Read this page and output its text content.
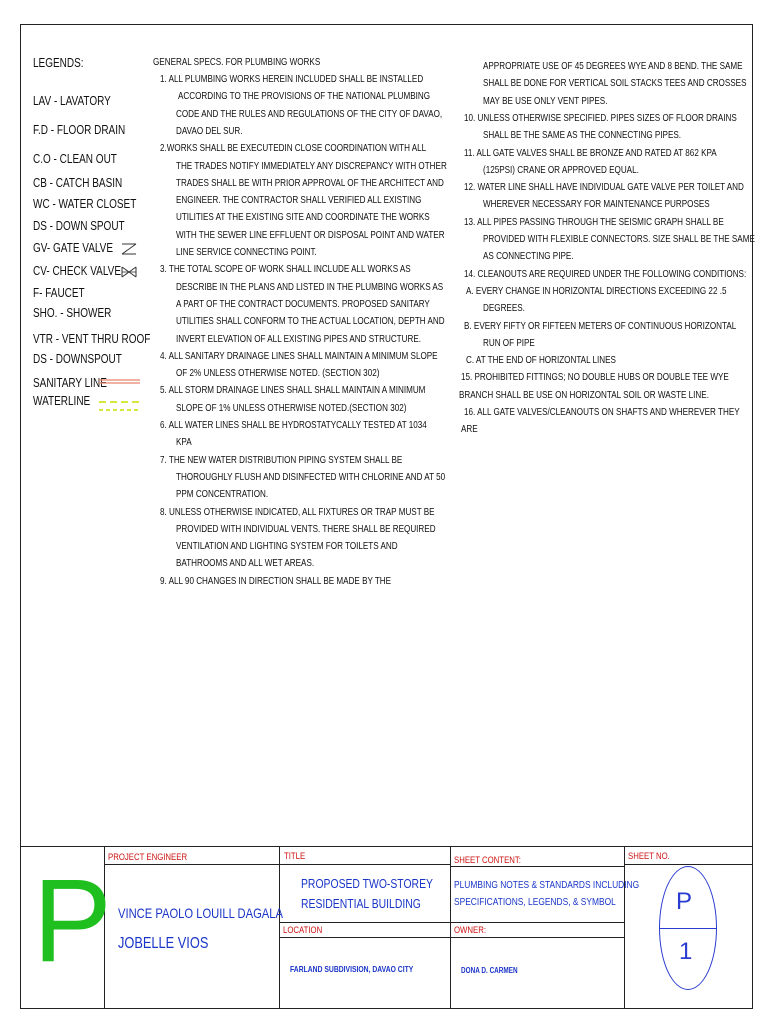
LEGENDS:
LAV - LAVATORY
F.D - FLOOR DRAIN
C.O - CLEAN OUT
CB - CATCH BASIN
WC - WATER CLOSET
DS - DOWN SPOUT
GV- GATE VALVE
CV- CHECK VALVE
F- FAUCET
SHO. - SHOWER
VTR - VENT THRU ROOF
DS - DOWNSPOUT
SANITARY LINE
WATERLINE
GENERAL SPECS. FOR PLUMBING WORKS
1. ALL PLUMBING WORKS HEREIN INCLUDED SHALL BE INSTALLED
ACCORDING TO THE PROVISIONS OF THE NATIONAL PLUMBING
CODE AND THE RULES AND REGULATIONS OF THE CITY OF DAVAO,
DAVAO DEL SUR.
2.WORKS SHALL BE EXECUTEDIN CLOSE COORDINATION WITH ALL
THE TRADES NOTIFY IMMEDIATELY ANY DISCREPANCY WITH OTHER
TRADES SHALL BE WITH PRIOR APPROVAL OF THE ARCHITECT AND
ENGINEER. THE CONTRACTOR SHALL VERIFIED ALL EXISTING
UTILITIES AT THE EXISTING SITE AND COORDINATE THE WORKS
WITH THE SEWER LINE EFFLUENT OR DISPOSAL POINT AND WATER
LINE SERVICE CONNECTING POINT.
3. THE TOTAL SCOPE OF WORK SHALL INCLUDE ALL WORKS AS
DESCRIBE IN THE PLANS AND LISTED IN THE PLUMBING WORKS AS
A PART OF THE CONTRACT DOCUMENTS. PROPOSED SANITARY
UTILITIES SHALL CONFORM TO THE ACTUAL LOCATION, DEPTH AND
INVERT ELEVATION OF ALL EXISTING PIPES AND STRUCTURE.
4. ALL SANITARY DRAINAGE LINES SHALL MAINTAIN A MINIMUM SLOPE
OF 2% UNLESS OTHERWISE NOTED. (SECTION 302)
5. ALL STORM DRAINAGE LINES SHALL SHALL MAINTAIN A MINIMUM
SLOPE OF 1% UNLESS OTHERWISE NOTED.(SECTION 302)
6. ALL WATER LINES SHALL BE HYDROSTATYCALLY TESTED AT 1034
KPA
7. THE NEW WATER DISTRIBUTION PIPING SYSTEM SHALL BE
THOROUGHLY FLUSH AND DISINFECTED WITH CHLORINE AND AT 50
PPM CONCENTRATION.
8. UNLESS OTHERWISE INDICATED, ALL FIXTURES OR TRAP MUST BE
PROVIDED WITH INDIVIDUAL VENTS. THERE SHALL BE REQUIRED
VENTILATION AND LIGHTING SYSTEM FOR TOILETS AND
BATHROOMS AND ALL WET AREAS.
9. ALL 90 CHANGES IN DIRECTION SHALL BE MADE BY THE
APPROPRIATE USE OF 45 DEGREES WYE AND 8 BEND. THE SAME
SHALL BE DONE FOR VERTICAL SOIL STACKS TEES AND CROSSES
MAY BE USE ONLY VENT PIPES.
10. UNLESS OTHERWISE SPECIFIED. PIPES SIZES OF FLOOR DRAINS
SHALL BE THE SAME AS THE CONNECTING PIPES.
11. ALL GATE VALVES SHALL BE BRONZE AND RATED AT 862 KPA
(125PSI) CRANE OR APPROVED EQUAL.
12. WATER LINE SHALL HAVE INDIVIDUAL GATE VALVE PER TOILET AND
WHEREVER NECESSARY FOR MAINTENANCE PURPOSES
13. ALL PIPES PASSING THROUGH THE SEISMIC GRAPH SHALL BE
PROVIDED WITH FLEXIBLE CONNECTORS. SIZE SHALL BE THE SAME
AS CONNECTING PIPE.
14. CLEANOUTS ARE REQUIRED UNDER THE FOLLOWING CONDITIONS:
A. EVERY CHANGE IN HORIZONTAL DIRECTIONS EXCEEDING 22 .5
DEGREES.
B. EVERY FIFTY OR FIFTEEN METERS OF CONTINUOUS HORIZONTAL
RUN OF PIPE
C. AT THE END OF HORIZONTAL LINES
15. PROHIBITED FITTINGS; NO DOUBLE HUBS OR DOUBLE TEE WYE
BRANCH SHALL BE USE ON HORIZONTAL SOIL OR WASTE LINE.
16. ALL GATE VALVES/CLEANOUTS ON SHAFTS AND WHEREVER THEY
ARE
P
PROJECT ENGINEER
VINCE PAOLO LOUILL DAGALA
JOBELLE VIOS
TITLE
PROPOSED TWO-STOREY
RESIDENTIAL BUILDING
LOCATION
FARLAND SUBDIVISION, DAVAO CITY
SHEET CONTENT:
PLUMBING NOTES & STANDARDS INCLUDING
SPECIFICATIONS, LEGENDS, & SYMBOL
OWNER:
DONA D. CARMEN
SHEET NO.
P
1
